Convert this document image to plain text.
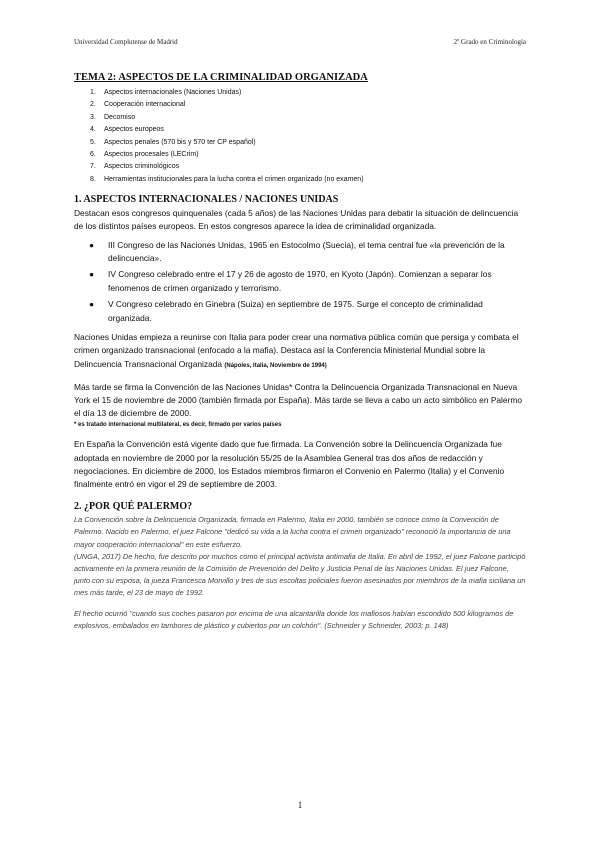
Universidad Complutense de Madrid	2º Grado en Criminología
TEMA 2: ASPECTOS DE LA CRIMINALIDAD ORGANIZADA
1.	Aspectos internacionales (Naciones Unidas)
2.	Cooperación internacional
3.	Decomiso
4.	Aspectos europeos
5.	Aspectos penales (570 bis y 570 ter CP español)
6.	Aspectos procesales (LECrim)
7.	Aspectos criminológicos
8.	Herramientas institucionales para la lucha contra el crimen organizado (no examen)
1. ASPECTOS INTERNACIONALES / NACIONES UNIDAS

Destacan esos congresos quinquenales (cada 5 años) de las Naciones Unidas para debatir la situación de delincuencia de los distintos países europeos. En estos congresos aparece la idea de criminalidad organizada.

● III Congreso de las Naciones Unidas, 1965 en Estocolmo (Suecia), el tema central fue «la prevención de la delincuencia».
● IV Congreso celebrado entre el 17 y 26 de agosto de 1970, en Kyoto (Japón). Comienzan a separar los fenomenos de crimen organizado y terrorismo.
● V Congreso celebrado en Ginebra (Suiza) en septiembre de 1975. Surge el concepto de criminalidad organizada.

Naciones Unidas empieza a reunirse con Italia para poder crear una normativa pública común que persiga y combata el crimen organizado transnacional (enfocado a la mafia). Destaca así la Conferencia Ministerial Mundial sobre la Delincuencia Transnacional Organizada (Nápoles, Italia, Noviembre de 1994)

Más tarde se firma la Convención de las Naciones Unidas* Contra la Delincuencia Organizada Transnacional en Nueva York el 15 de noviembre de 2000 (también firmada por España). Más tarde se lleva a cabo un acto simbólico en Palermo el día 13 de diciembre de 2000.

* es tratado internacional multilateral, es decir, firmado por varios países

En España la Convención está vigente dado que fue firmada. La Convención sobre la Delincuencia Organizada fue adoptada en noviembre de 2000 por la resolución 55/25 de la Asamblea General tras dos años de redacción y negociaciones. En diciembre de 2000, los Estados miembros firmaron el Convenio en Palermo (Italia) y el Convenio finalmente entró en vigor el 29 de septiembre de 2003.

2. ¿POR QUÉ PALERMO?

La Convención sobre la Delincuencia Organizada, firmada en Palermo, Italia en 2000, también se conoce como la Convención de Palermo. Nacido en Palermo, el juez Falcone "dedicó su vida a la lucha contra el crimen organizado" reconoció la importancia de una mayor cooperación internacional" en este esfuerzo.

(UNGA, 2017) De hecho, fue descrito por muchos como el principal activista antimafia de Italia. En abril de 1992, el juez Falcone participó activamente en la primera reunión de la Comisión de Prevención del Delito y Justicia Penal de las Naciones Unidas. El juez Falcone, junto con su esposa, la jueza Francesca Morvillo y tres de sus escoltas policiales fueron asesinados por miembros de la mafia siciliana un mes más tarde, el 23 de mayo de 1992.

El hecho ocurrió "cuando sus coches pasaron por encima de una alcantarilla donde los mafiosos habían escondido 500 kilogramos de explosivos, embalados en tambores de plástico y cubiertos por un colchón". (Schneider y Schneider, 2003; p. 148)

1
